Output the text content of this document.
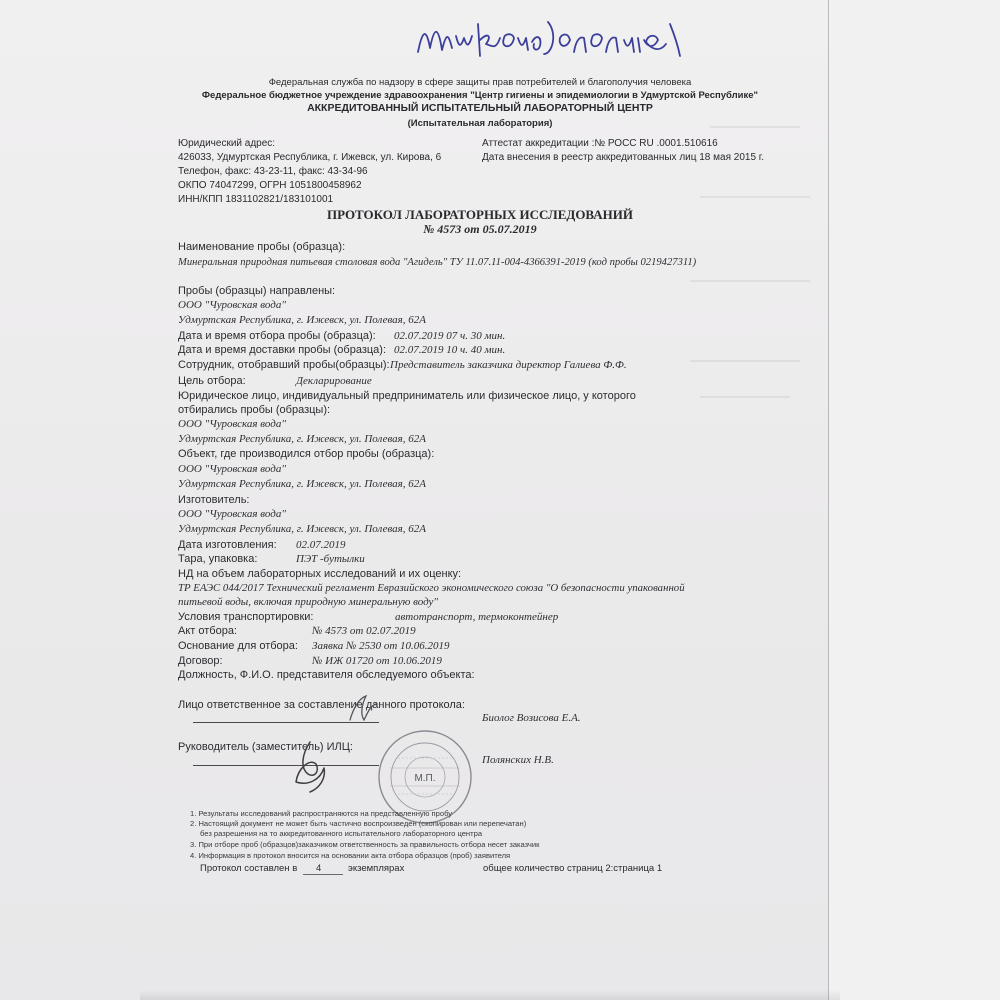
Федеральная служба по надзору в сфере защиты прав потребителей и благополучия человека
Федеральное бюджетное учреждение здравоохранения "Центр гигиены и эпидемиологии в Удмуртской Республике"
АККРЕДИТОВАННЫЙ ИСПЫТАТЕЛЬНЫЙ ЛАБОРАТОРНЫЙ ЦЕНТР
(Испытательная лаборатория)
Юридический адрес:
426033, Удмуртская Республика, г. Ижевск, ул. Кирова, 6
Телефон, факс: 43-23-11, факс: 43-34-96
ОКПО 74047299, ОГРН 1051800458962
ИНН/КПП 1831102821/183101001
Аттестат аккредитации :№ РОСС RU .0001.510616
Дата внесения в реестр аккредитованных лиц 18 мая 2015 г.
ПРОТОКОЛ ЛАБОРАТОРНЫХ ИССЛЕДОВАНИЙ
№ 4573 от 05.07.2019
Наименование пробы (образца):
Минеральная природная питьевая столовая вода "Агидель" ТУ 11.07.11-004-4366391-2019 (код пробы 0219427311)
Пробы (образцы) направлены:
ООО "Чуровская вода"
Удмуртская Республика, г. Ижевск, ул. Полевая, 62А
Дата и время отбора пробы (образца): 02.07.2019 07 ч. 30 мин.
Дата и время доставки пробы (образца): 02.07.2019 10 ч. 40 мин.
Сотрудник, отобравший пробы(образцы): Представитель заказчика директор Галиева Ф.Ф.
Цель отбора:	Декларирование
Юридическое лицо, индивидуальный предприниматель или физическое лицо, у которого
отбирались пробы (образцы):
ООО "Чуровская вода"
Удмуртская Республика, г. Ижевск, ул. Полевая, 62А
Объект, где производился отбор пробы (образца):
ООО "Чуровская вода"
Удмуртская Республика, г. Ижевск, ул. Полевая, 62А
Изготовитель:
ООО "Чуровская вода"
Удмуртская Республика, г. Ижевск, ул. Полевая, 62А
Дата изготовления: 02.07.2019
Тара, упаковка:	ПЭТ -бутылки
НД на объем лабораторных исследований и их оценку:
ТР ЕАЭС 044/2017 Технический регламент Евразийского экономического союза "О безопасности упакованной
питьевой воды, включая природную минеральную воду"
Условия транспортировки:	автотранспорт, термоконтейнер
Акт отбора:	№ 4573 от 02.07.2019
Основание для отбора: Заявка № 2530 от 10.06.2019
Договор:	№ ИЖ 01720 от 10.06.2019
Должность, Ф.И.О. представителя обследуемого объекта:
Лицо ответственное за составление данного протокола:
Биолог Возисова Е.А.
Руководитель (заместитель) ИЛЦ:
Полянских Н.В.
М.П.
1. Результаты исследований распространяются на представленную пробу
2. Настоящий документ не может быть частично воспроизведен (скопирован или перепечатан)
без разрешения на то аккредитованного испытательного лабораторного центра
3. При отборе проб (образцов)заказчиком ответственность за правильность отбора несет заказчик
4. Информация в протокол вносится на основании акта отбора образцов (проб) заявителя
Протокол составлен в 4	экземплярах	общее количество страниц 2:страница 1
